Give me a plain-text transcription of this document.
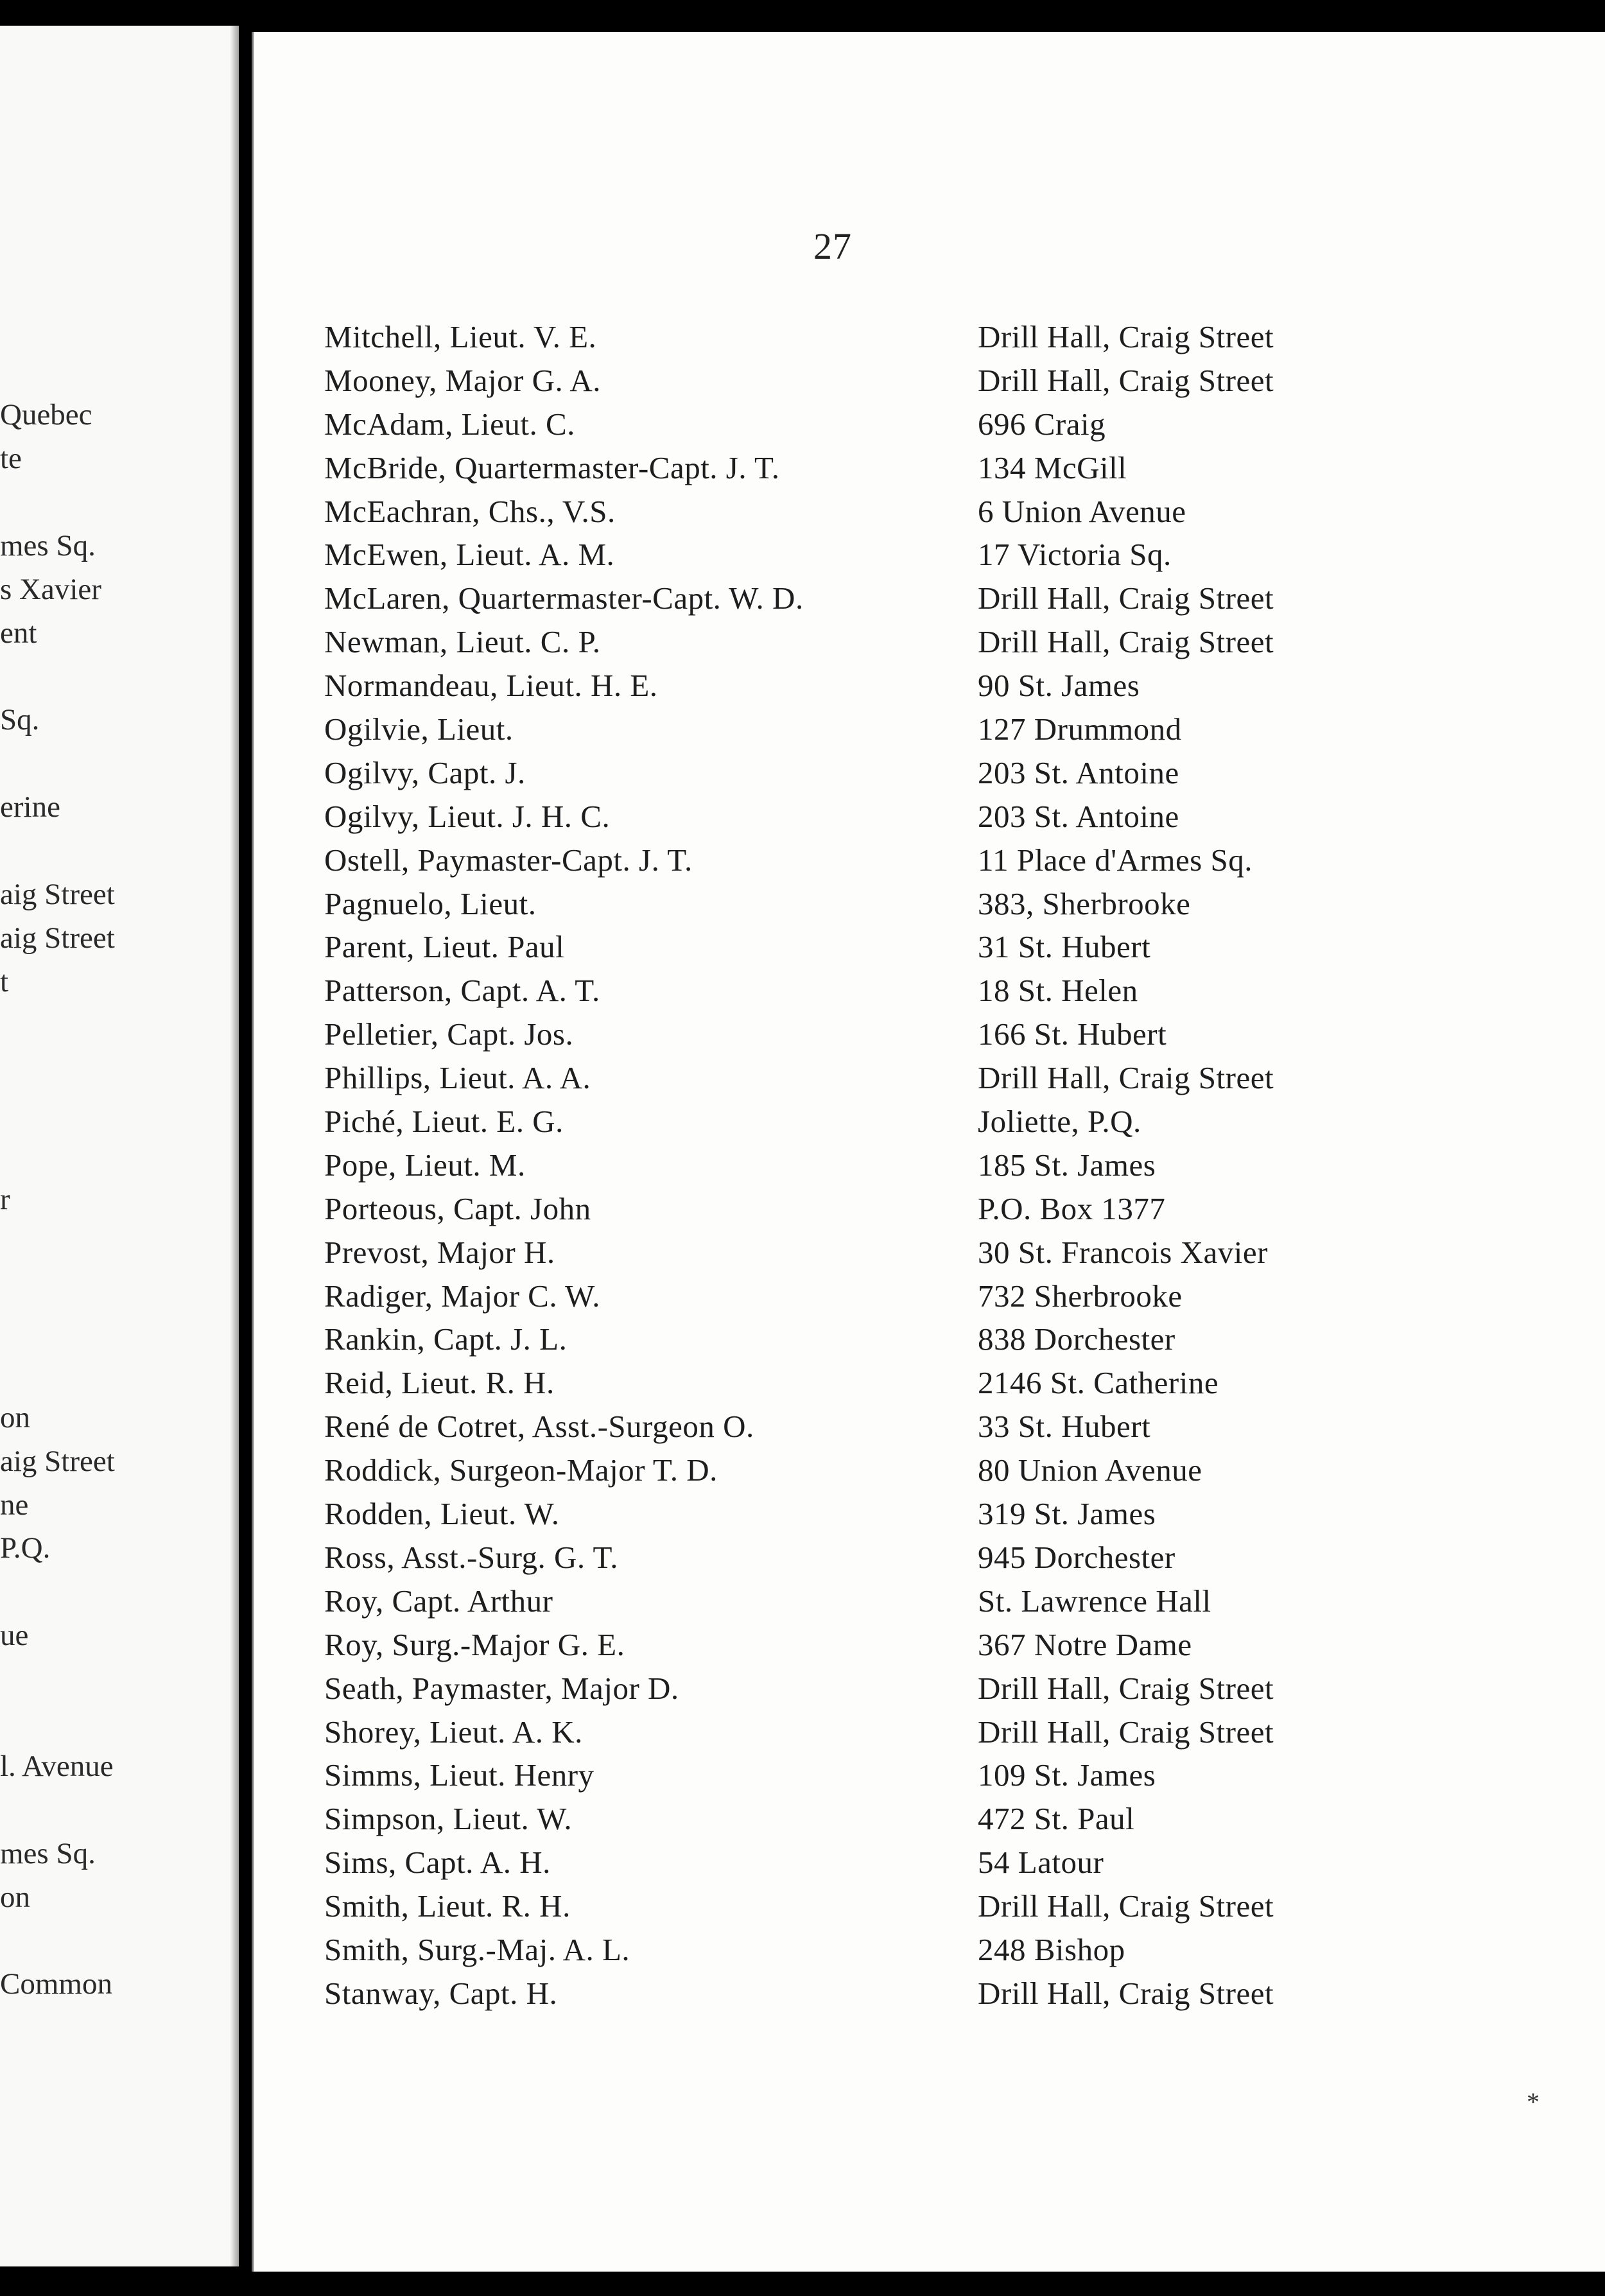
Quebec
te
mes Sq.
s Xavier
ent
Sq.
erine
aig Street
aig Street
t
r
on
aig Street
ne
P.Q.
ue
l. Avenue
mes Sq.
on
Common
27
Mitchell, Lieut. V. E.	Drill Hall, Craig Street
Mooney, Major G. A.	Drill Hall, Craig Street
McAdam, Lieut. C.	696 Craig
McBride, Quartermaster-Capt. J. T.	134 McGill
McEachran, Chs., V.S.	6 Union Avenue
McEwen, Lieut. A. M.	17 Victoria Sq.
McLaren, Quartermaster-Capt. W. D.	Drill Hall, Craig Street
Newman, Lieut. C. P.	Drill Hall, Craig Street
Normandeau, Lieut. H. E.	90 St. James
Ogilvie, Lieut.	127 Drummond
Ogilvy, Capt. J.	203 St. Antoine
Ogilvy, Lieut. J. H. C.	203 St. Antoine
Ostell, Paymaster-Capt. J. T.	11 Place d'Armes Sq.
Pagnuelo, Lieut.	383, Sherbrooke
Parent, Lieut. Paul	31 St. Hubert
Patterson, Capt. A. T.	18 St. Helen
Pelletier, Capt. Jos.	166 St. Hubert
Phillips, Lieut. A. A.	Drill Hall, Craig Street
Piché, Lieut. E. G.	Joliette, P.Q.
Pope, Lieut. M.	185 St. James
Porteous, Capt. John	P.O. Box 1377
Prevost, Major H.	30 St. Francois Xavier
Radiger, Major C. W.	732 Sherbrooke
Rankin, Capt. J. L.	838 Dorchester
Reid, Lieut. R. H.	2146 St. Catherine
René de Cotret, Asst.-Surgeon O.	33 St. Hubert
Roddick, Surgeon-Major T. D.	80 Union Avenue
Rodden, Lieut. W.	319 St. James
Ross, Asst.-Surg. G. T.	945 Dorchester
Roy, Capt. Arthur	St. Lawrence Hall
Roy, Surg.-Major G. E.	367 Notre Dame
Seath, Paymaster, Major D.	Drill Hall, Craig Street
Shorey, Lieut. A. K.	Drill Hall, Craig Street
Simms, Lieut. Henry	109 St. James
Simpson, Lieut. W.	472 St. Paul
Sims, Capt. A. H.	54 Latour
Smith, Lieut. R. H.	Drill Hall, Craig Street
Smith, Surg.-Maj. A. L.	248 Bishop
Stanway, Capt. H.	Drill Hall, Craig Street
*
